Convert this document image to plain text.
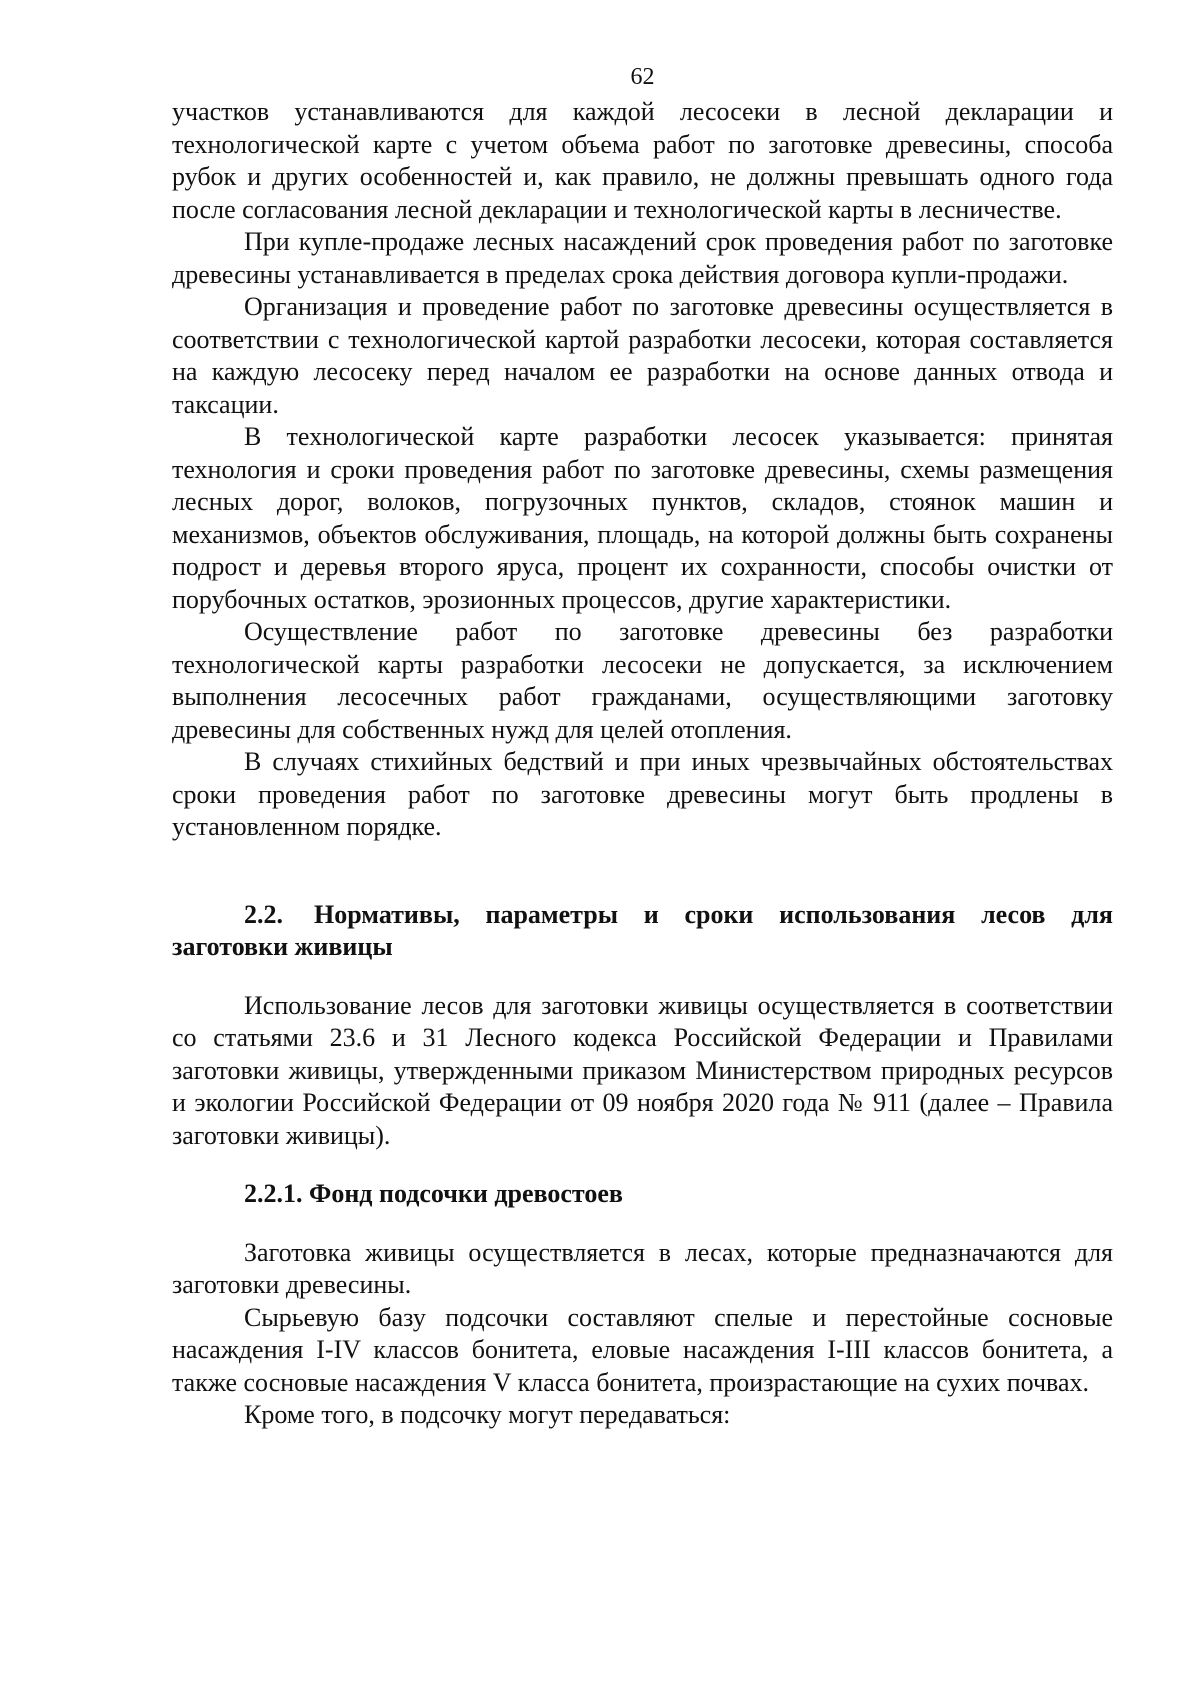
62

участков устанавливаются для каждой лесосеки в лесной декларации и технологической карте с учетом объема работ по заготовке древесины, способа рубок и других особенностей и, как правило, не должны превышать одного года после согласования лесной декларации и технологической карты в лесничестве.

При купле-продаже лесных насаждений срок проведения работ по заготовке древесины устанавливается в пределах срока действия договора купли-продажи.

Организация и проведение работ по заготовке древесины осуществляется в соответствии с технологической картой разработки лесосеки, которая составляется на каждую лесосеку перед началом ее разработки на основе данных отвода и таксации.

В технологической карте разработки лесосек указывается: принятая технология и сроки проведения работ по заготовке древесины, схемы размещения лесных дорог, волоков, погрузочных пунктов, складов, стоянок машин и механизмов, объектов обслуживания, площадь, на которой должны быть сохранены подрост и деревья второго яруса, процент их сохранности, способы очистки от порубочных остатков, эрозионных процессов, другие характеристики.

Осуществление работ по заготовке древесины без разработки технологической карты разработки лесосеки не допускается, за исключением выполнения лесосечных работ гражданами, осуществляющими заготовку древесины для собственных нужд для целей отопления.

В случаях стихийных бедствий и при иных чрезвычайных обстоятельствах сроки проведения работ по заготовке древесины могут быть продлены в установленном порядке.

2.2. Нормативы, параметры и сроки использования лесов для заготовки живицы

Использование лесов для заготовки живицы осуществляется в соответствии со статьями 23.6 и 31 Лесного кодекса Российской Федерации и Правилами заготовки живицы, утвержденными приказом Министерством природных ресурсов и экологии Российской Федерации от 09 ноября 2020 года № 911 (далее – Правила заготовки живицы).

2.2.1. Фонд подсочки древостоев

Заготовка живицы осуществляется в лесах, которые предназначаются для заготовки древесины.

Сырьевую базу подсочки составляют спелые и перестойные сосновые насаждения I-IV классов бонитета, еловые насаждения I-III классов бонитета, а также сосновые насаждения V класса бонитета, произрастающие на сухих почвах.

Кроме того, в подсочку могут передаваться:
